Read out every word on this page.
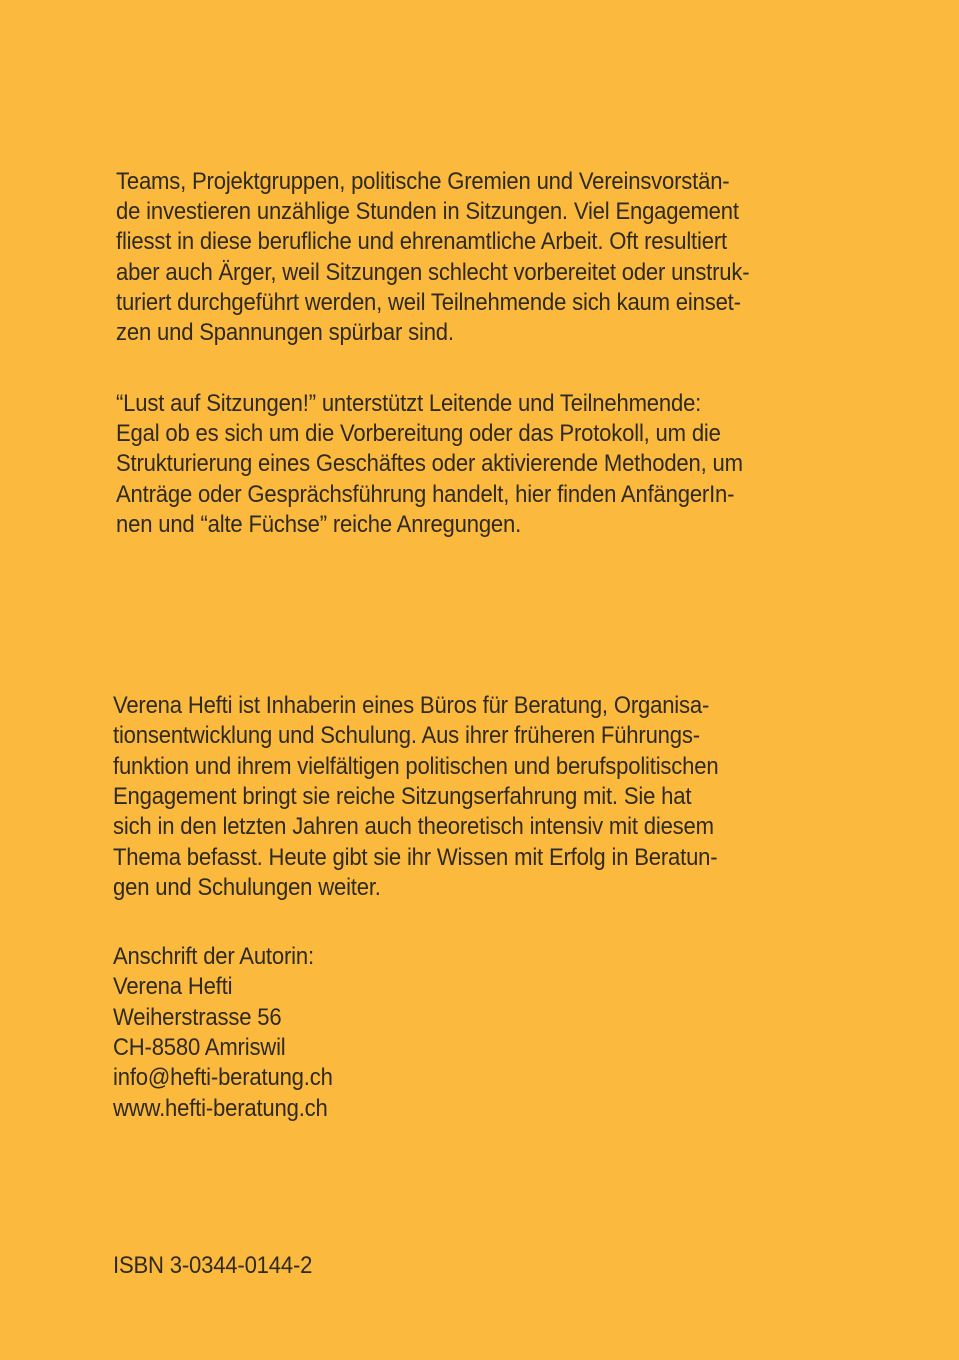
Teams, Projektgruppen, politische Gremien und Vereinsvorstän-
de investieren unzählige Stunden in Sitzungen. Viel Engagement
fliesst in diese berufliche und ehrenamtliche Arbeit. Oft resultiert
aber auch Ärger, weil Sitzungen schlecht vorbereitet oder unstruk-
turiert durchgeführt werden, weil Teilnehmende sich kaum einset-
zen und Spannungen spürbar sind.
“Lust auf Sitzungen!” unterstützt Leitende und Teilnehmende:
Egal ob es sich um die Vorbereitung oder das Protokoll, um die
Strukturierung eines Geschäftes oder aktivierende Methoden, um
Anträge oder Gesprächsführung handelt, hier finden AnfängerIn-
nen und “alte Füchse” reiche Anregungen.
Verena Hefti ist Inhaberin eines Büros für Beratung, Organisa-
tionsentwicklung und Schulung. Aus ihrer früheren Führungs-
funktion und ihrem vielfältigen politischen und berufspolitischen
Engagement bringt sie reiche Sitzungserfahrung mit. Sie hat
sich in den letzten Jahren auch theoretisch intensiv mit diesem
Thema befasst. Heute gibt sie ihr Wissen mit Erfolg in Beratun-
gen und Schulungen weiter.
Anschrift der Autorin:
Verena Hefti
Weiherstrasse 56
CH-8580 Amriswil
info@hefti-beratung.ch
www.hefti-beratung.ch
ISBN 3-0344-0144-2
